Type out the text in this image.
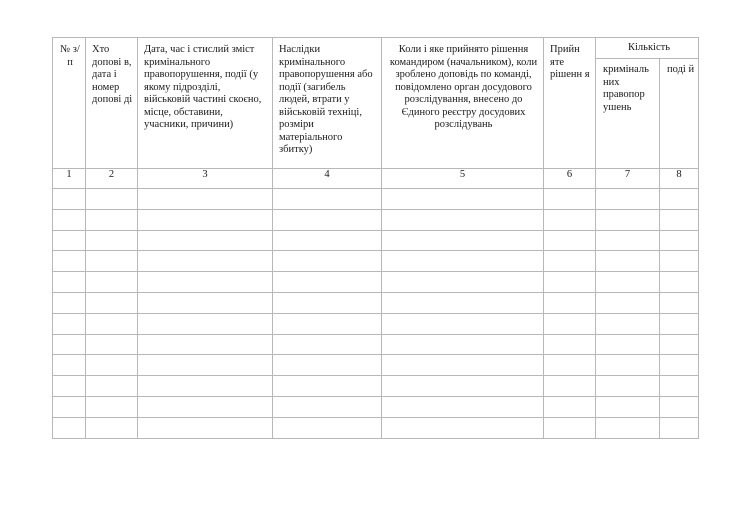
№ з/п	Хто допові в, дата і номер допові ді	Дата, час і стислий зміст кримінального правопорушення, події (у якому підрозділі, військовій частині скоєно, місце, обставини, учасники, причини)	Наслідки кримінального правопорушення або події (загибель людей, втрати у військовій техніці, розміри матеріального збитку)	Коли і яке прийнято рішення командиром (начальником), коли зроблено доповідь по команді, повідомлено орган досудового розслідування, внесено до Єдиного реєстру досудових розслідувань	Прийн яте рішенн я	Кількість	
						криміналь них правопор ушень	поді й
1	2	3	4	5	6	7	8
